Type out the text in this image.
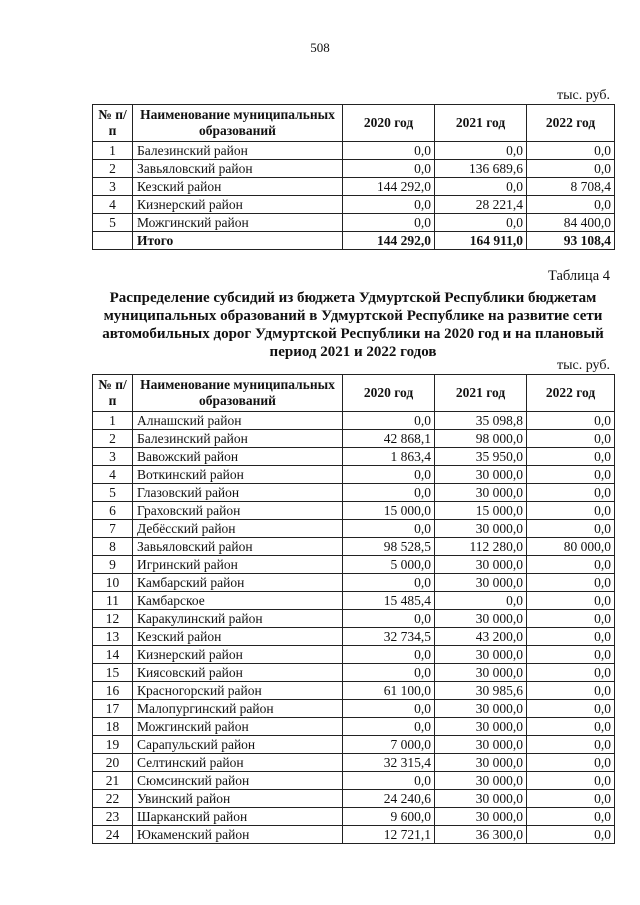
508
тыс. руб.
№ п/п	Наименование муниципальных образований	2020 год	2021 год	2022 год
1	Балезинский район	0,0	0,0	0,0
2	Завьяловский район	0,0	136 689,6	0,0
3	Кезский район	144 292,0	0,0	8 708,4
4	Кизнерский район	0,0	28 221,4	0,0
5	Можгинский район	0,0	0,0	84 400,0
	Итого	144 292,0	164 911,0	93 108,4
Таблица 4
Распределение субсидий из бюджета Удмуртской Республики бюджетам муниципальных образований в Удмуртской Республике на развитие сети автомобильных дорог Удмуртской Республики на 2020 год и на плановый период 2021 и 2022 годов
тыс. руб.
№ п/п	Наименование муниципальных образований	2020 год	2021 год	2022 год
1	Алнашский район	0,0	35 098,8	0,0
2	Балезинский район	42 868,1	98 000,0	0,0
3	Вавожский район	1 863,4	35 950,0	0,0
4	Воткинский район	0,0	30 000,0	0,0
5	Глазовский район	0,0	30 000,0	0,0
6	Граховский район	15 000,0	15 000,0	0,0
7	Дебёсский район	0,0	30 000,0	0,0
8	Завьяловский район	98 528,5	112 280,0	80 000,0
9	Игринский район	5 000,0	30 000,0	0,0
10	Камбарский район	0,0	30 000,0	0,0
11	Камбарское	15 485,4	0,0	0,0
12	Каракулинский район	0,0	30 000,0	0,0
13	Кезский район	32 734,5	43 200,0	0,0
14	Кизнерский район	0,0	30 000,0	0,0
15	Киясовский район	0,0	30 000,0	0,0
16	Красногорский район	61 100,0	30 985,6	0,0
17	Малопургинский район	0,0	30 000,0	0,0
18	Можгинский район	0,0	30 000,0	0,0
19	Сарапульский район	7 000,0	30 000,0	0,0
20	Селтинский район	32 315,4	30 000,0	0,0
21	Сюмсинский район	0,0	30 000,0	0,0
22	Увинский район	24 240,6	30 000,0	0,0
23	Шарканский район	9 600,0	30 000,0	0,0
24	Юкаменский район	12 721,1	36 300,0	0,0
